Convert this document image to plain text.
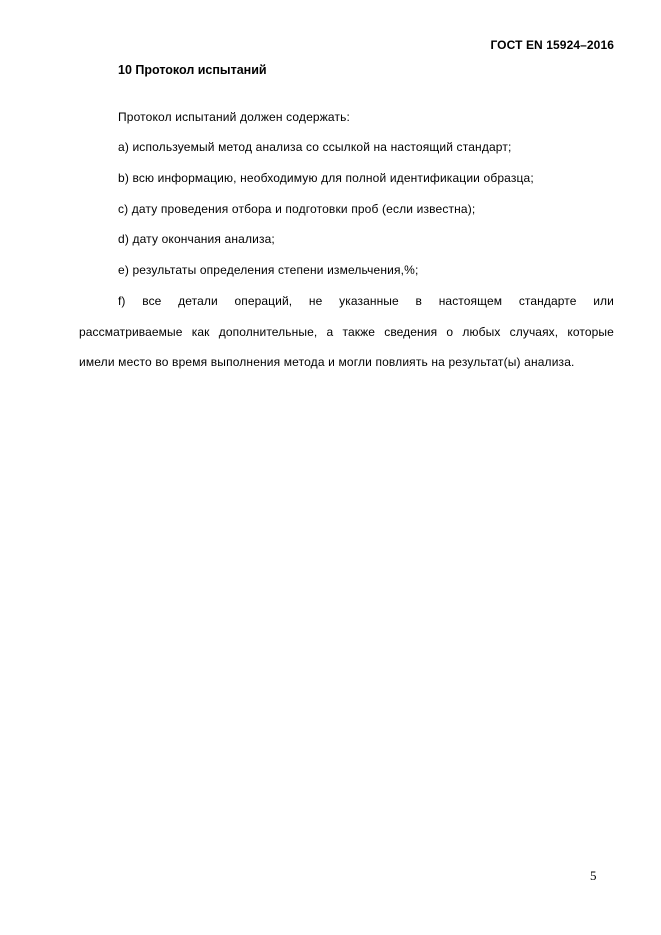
ГОСТ EN 15924–2016
10 Протокол испытаний
Протокол испытаний должен содержать:
а) используемый метод анализа со ссылкой на настоящий стандарт;
b) всю информацию, необходимую для полной идентификации образца;
с) дату проведения отбора и подготовки проб (если известна);
d) дату окончания анализа;
е) результаты определения степени измельчения,%;
f) все детали операций, не указанные в настоящем стандарте или
рассматриваемые как дополнительные, а также сведения о любых случаях, которые
имели место во время выполнения метода и могли повлиять на результат(ы) анализа.
5
